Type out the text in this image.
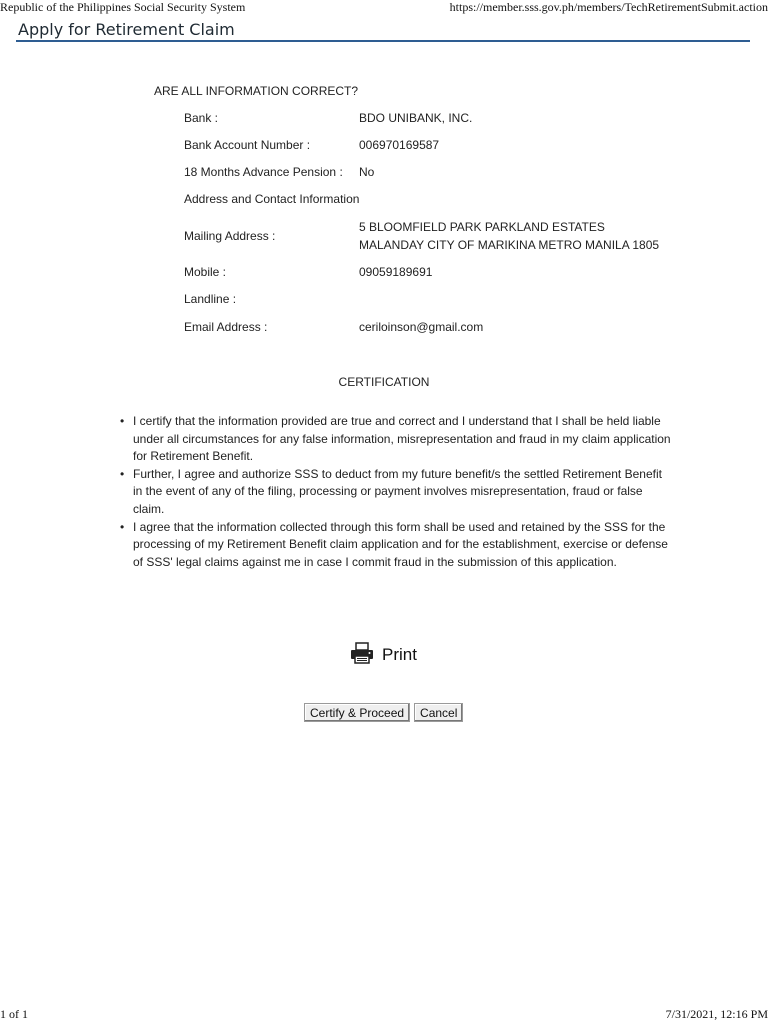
Republic of the Philippines Social Security System	https://member.sss.gov.ph/members/TechRetirementSubmit.action
Apply for Retirement Claim
ARE ALL INFORMATION CORRECT?
Bank :	BDO UNIBANK, INC.
Bank Account Number :	006970169587
18 Months Advance Pension : No
Address and Contact Information
Mailing Address :
5 BLOOMFIELD PARK PARKLAND ESTATES
MALANDAY CITY OF MARIKINA METRO MANILA 1805
Mobile :	09059189691
Landline :
Email Address :	ceriloinson@gmail.com
CERTIFICATION
• I certify that the information provided are true and correct and I understand that I shall be held liable under all circumstances for any false information, misrepresentation and fraud in my claim application for Retirement Benefit.
• Further, I agree and authorize SSS to deduct from my future benefit/s the settled Retirement Benefit in the event of any of the filing, processing or payment involves misrepresentation, fraud or false claim.
• I agree that the information collected through this form shall be used and retained by the SSS for the processing of my Retirement Benefit claim application and for the establishment, exercise or defense of SSS' legal claims against me in case I commit fraud in the submission of this application.
Print
Certify & Proceed	Cancel
1 of 1	7/31/2021, 12:16 PM
